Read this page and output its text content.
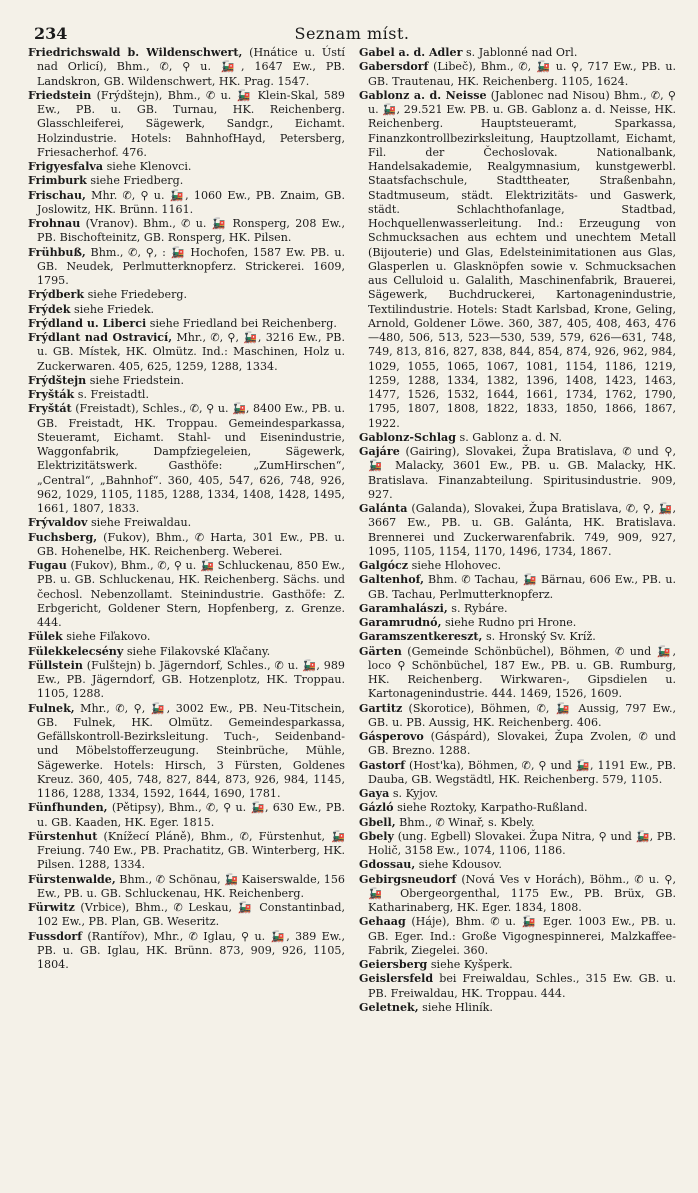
234	Seznam míst.

Friedrichswald b. Wildenschwert, (Hnátice u. Ústí nad Orlicí), Bhm., ✆, ⚲ u. 🚂, 1647 Ew., PB. Landskron, GB. Wildenschwert, HK. Prag. 1547.

Friedstein (Frýdštejn), Bhm., ✆ u. 🚂 Klein-Skal, 589 Ew., PB. u. GB. Turnau, HK. Reichenberg. Glasschleiferei, Sägewerk, Sandgr., Eichamt. Holzindustrie. Hotels: BahnhofHayd, Petersberg, Friesacherhof. 476.

Frigyesfalva siehe Klenovci.

Frimburk siehe Friedberg.

Frischau, Mhr. ✆, ⚲ u. 🚂, 1060 Ew., PB. Znaim, GB. Joslowitz, HK. Brünn. 1161.

Frohnau (Vranov). Bhm., ✆ u. 🚂 Ronsperg, 208 Ew., PB. Bischofteinitz, GB. Ronsperg, HK. Pilsen.

Frühbuß, Bhm., ✆, ⚲, : 🚂 Hochofen, 1587 Ew. PB. u. GB. Neudek, Perlmutterknopferz. Strickerei. 1609, 1795.

Frýdberk siehe Friedeberg.

Frýdek siehe Friedek.

Frýdland u. Liberci siehe Friedland bei Reichenberg.

Frýdlant nad Ostravicí, Mhr., ✆, ⚲, 🚂, 3216 Ew., PB. u. GB. Místek, HK. Olmütz. Ind.: Maschinen, Holz u. Zuckerwaren. 405, 625, 1259, 1288, 1334.

Frýdštejn siehe Friedstein.

Fryšták s. Freistadtl.

Fryštát (Freistadt), Schles., ✆, ⚲ u. 🚂, 8400 Ew., PB. u. GB. Freistadt, HK. Troppau. Gemeindesparkassa, Steueramt, Eichamt. Stahl- und Eisenindustrie, Waggonfabrik, Dampfziegeleien, Sägewerk, Elektrizitätswerk. Gasthöfe: „ZumHirschen“, „Central“, „Bahnhof“. 360, 405, 547, 626, 748, 926, 962, 1029, 1105, 1185, 1288, 1334, 1408, 1428, 1495, 1661, 1807, 1833.

Frývaldov siehe Freiwaldau.

Fuchsberg, (Fukov), Bhm., ✆ Harta, 301 Ew., PB. u. GB. Hohenelbe, HK. Reichenberg. Weberei.

Fugau (Fukov), Bhm., ✆, ⚲ u. 🚂 Schluckenau, 850 Ew., PB. u. GB. Schluckenau, HK. Reichenberg. Sächs. und čechosl. Nebenzollamt. Steinindustrie. Gasthöfe: Z. Erbgericht, Goldener Stern, Hopfenberg, z. Grenze. 444.

Fülek siehe Fiľakovo.

Fülekkelecsény siehe Filakovské Kľačany.

Füllstein (Fulštejn) b. Jägerndorf, Schles., ✆ u. 🚂, 989 Ew., PB. Jägerndorf, GB. Hotzenplotz, HK. Troppau. 1105, 1288.

Fulnek, Mhr., ✆, ⚲, 🚂, 3002 Ew., PB. Neu-Titschein, GB. Fulnek, HK. Olmütz. Gemeindesparkassa, Gefällskontroll-Bezirksleitung. Tuch-, Seidenband- und Möbelstofferzeugung. Steinbrüche, Mühle, Sägewerke. Hotels: Hirsch, 3 Fürsten, Goldenes Kreuz. 360, 405, 748, 827, 844, 873, 926, 984, 1145, 1186, 1288, 1334, 1592, 1644, 1690, 1781.

Fünfhunden, (Pětipsy), Bhm., ✆, ⚲ u. 🚂, 630 Ew., PB. u. GB. Kaaden, HK. Eger. 1815.

Fürstenhut (Knížecí Pláně), Bhm., ✆, Fürstenhut, 🚂 Freiung. 740 Ew., PB. Prachatitz, GB. Winterberg, HK. Pilsen. 1288, 1334.

Fürstenwalde, Bhm., ✆ Schönau, 🚂 Kaiserswalde, 156 Ew., PB. u. GB. Schluckenau, HK. Reichenberg.

Fürwitz (Vrbice), Bhm., ✆ Leskau, 🚂 Constantinbad, 102 Ew., PB. Plan, GB. Weseritz.

Fussdorf (Rantířov), Mhr., ✆ Iglau, ⚲ u. 🚂, 389 Ew., PB. u. GB. Iglau, HK. Brünn. 873, 909, 926, 1105, 1804.

Gabel a. d. Adler s. Jablonné nad Orl.

Gabersdorf (Libeč), Bhm., ✆, 🚂 u. ⚲, 717 Ew., PB. u. GB. Trautenau, HK. Reichenberg. 1105, 1624.

Gablonz a. d. Neisse (Jablonec nad Nisou) Bhm., ✆, ⚲ u. 🚂, 29.521 Ew. PB. u. GB. Gablonz a. d. Neisse, HK. Reichenberg. Hauptsteueramt, Sparkassa, Finanzkontrollbezirksleitung, Hauptzollamt, Eichamt, Fil. der Čechoslovak. Nationalbank, Handelsakademie, Realgymnasium, kunstgewerbl. Staatsfachschule, Stadttheater, Straßenbahn, Stadtmuseum, städt. Elektrizitäts- und Gaswerk, städt. Schlachthofanlage, Stadtbad, Hochquellenwasserleitung. Ind.: Erzeugung von Schmucksachen aus echtem und unechtem Metall (Bijouterie) und Glas, Edelsteinimitationen aus Glas, Glasperlen u. Glasknöpfen sowie v. Schmucksachen aus Celluloid u. Galalith, Maschinenfabrik, Brauerei, Sägewerk, Buchdruckerei, Kartonagenindustrie, Textilindustrie. Hotels: Stadt Karlsbad, Krone, Geling, Arnold, Goldener Löwe. 360, 387, 405, 408, 463, 476—480, 506, 513, 523—530, 539, 579, 626—631, 748, 749, 813, 816, 827, 838, 844, 854, 874, 926, 962, 984, 1029, 1055, 1065, 1067, 1081, 1154, 1186, 1219, 1259, 1288, 1334, 1382, 1396, 1408, 1423, 1463, 1477, 1526, 1532, 1644, 1661, 1734, 1762, 1790, 1795, 1807, 1808, 1822, 1833, 1850, 1866, 1867, 1922.

Gablonz-Schlag s. Gablonz a. d. N.

Gajáre (Gairing), Slovakei, Župa Bratislava, ✆ und ⚲, 🚂 Malacky, 3601 Ew., PB. u. GB. Malacky, HK. Bratislava. Finanzabteilung. Spiritusindustrie. 909, 927.

Galánta (Galanda), Slovakei, Župa Bratislava, ✆, ⚲, 🚂, 3667 Ew., PB. u. GB. Galánta, HK. Bratislava. Brennerei und Zuckerwarenfabrik. 749, 909, 927, 1095, 1105, 1154, 1170, 1496, 1734, 1867.

Galgócz siehe Hlohovec.

Galtenhof, Bhm. ✆ Tachau, 🚂 Bärnau, 606 Ew., PB. u. GB. Tachau, Perlmutterknopferz.

Garamhalászi, s. Rybáre.

Garamrudnó, siehe Rudno pri Hrone.

Garamszentkereszt, s. Hronský Sv. Kríž.

Gärten (Gemeinde Schönbüchel), Böhmen, ✆ und 🚂, loco ⚲ Schönbüchel, 187 Ew., PB. u. GB. Rumburg, HK. Reichenberg. Wirkwaren-, Gipsdielen u. Kartonagenindustrie. 444. 1469, 1526, 1609.

Gartitz (Skorotice), Böhmen, ✆, 🚂 Aussig, 797 Ew., GB. u. PB. Aussig, HK. Reichenberg. 406.

Gásperovo (Gáspárd), Slovakei, Župa Zvolen, ✆ und GB. Brezno. 1288.

Gastorf (Host'ka), Böhmen, ✆, ⚲ und 🚂, 1191 Ew., PB. Dauba, GB. Wegstädtl, HK. Reichenberg. 579, 1105.

Gaya s. Kyjov.

Gázló siehe Roztoky, Karpatho-Rußland.

Gbell, Bhm., ✆ Winař, s. Kbely.

Gbely (ung. Egbell) Slovakei. Župa Nitra, ⚲ und 🚂, PB. Holič, 3158 Ew., 1074, 1106, 1186.

Gdossau, siehe Kdousov.

Gebirgsneudorf (Nová Ves v Horách), Böhm., ✆ u. ⚲, 🚂 Obergeorgenthal, 1175 Ew., PB. Brüx, GB. Katharinaberg, HK. Eger. 1834, 1808.

Gehaag (Háje), Bhm. ✆ u. 🚂 Eger. 1003 Ew., PB. u. GB. Eger. Ind.: Große Vigognespinnerei, Malzkaffee-Fabrik, Ziegelei. 360.

Geiersberg siehe Kyšperk.

Geislersfeld bei Freiwaldau, Schles., 315 Ew. GB. u. PB. Freiwaldau, HK. Troppau. 444.

Geletnek, siehe Hliník.
